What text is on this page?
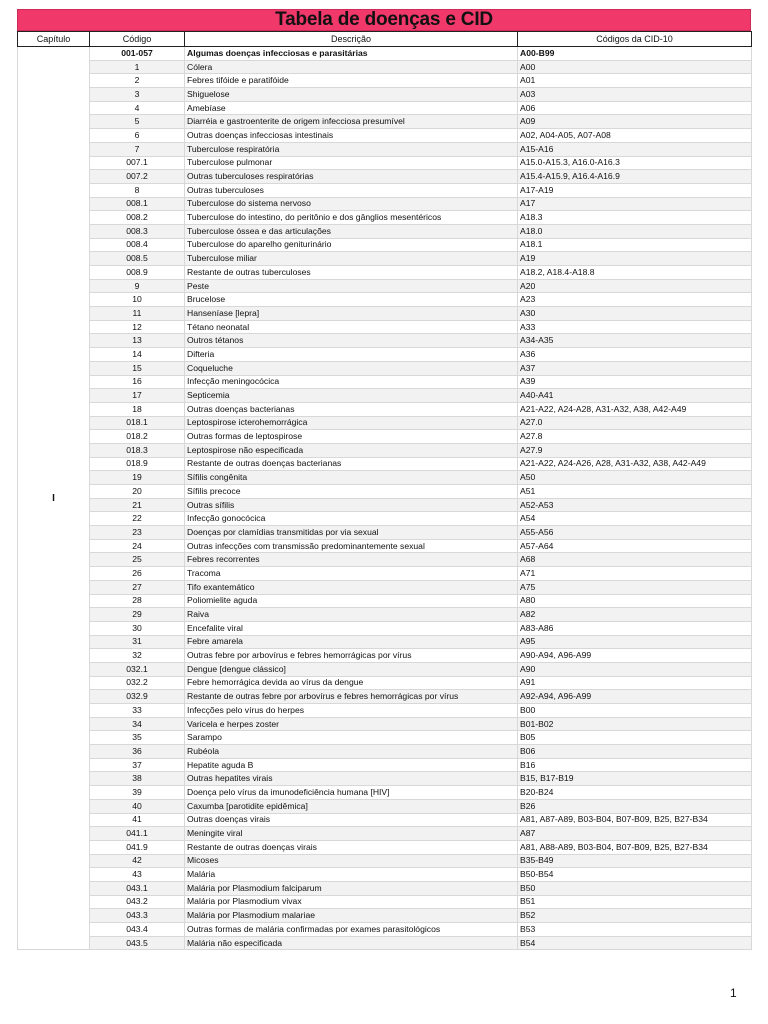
Tabela de doenças e CID
Capítulo	Código	Descrição	Códigos da CID-10
I	001-057	Algumas doenças infecciosas e parasitárias	A00-B99
	1	Cólera	A00
	2	Febres tifóide e paratifóide	A01
	3	Shiguelose	A03
	4	Amebíase	A06
	5	Diarréia e gastroenterite de origem infecciosa presumível	A09
	6	Outras doenças infecciosas intestinais	A02, A04-A05, A07-A08
	7	Tuberculose respiratória	A15-A16
	007.1	Tuberculose pulmonar	A15.0-A15.3, A16.0-A16.3
	007.2	Outras tuberculoses respiratórias	A15.4-A15.9, A16.4-A16.9
	8	Outras tuberculoses	A17-A19
	008.1	Tuberculose do sistema nervoso	A17
	008.2	Tuberculose do intestino, do peritônio e dos gânglios mesentéricos	A18.3
	008.3	Tuberculose óssea e das articulações	A18.0
	008.4	Tuberculose do aparelho geniturinário	A18.1
	008.5	Tuberculose miliar	A19
	008.9	Restante de outras tuberculoses	A18.2, A18.4-A18.8
	9	Peste	A20
	10	Brucelose	A23
	11	Hanseníase [lepra]	A30
	12	Tétano neonatal	A33
	13	Outros tétanos	A34-A35
	14	Difteria	A36
	15	Coqueluche	A37
	16	Infecção meningocócica	A39
	17	Septicemia	A40-A41
	18	Outras doenças bacterianas	A21-A22, A24-A28, A31-A32, A38, A42-A49
	018.1	Leptospirose icterohemorrágica	A27.0
	018.2	Outras formas de leptospirose	A27.8
	018.3	Leptospirose não especificada	A27.9
	018.9	Restante de outras doenças bacterianas	A21-A22, A24-A26, A28, A31-A32, A38, A42-A49
	19	Sífilis congênita	A50
	20	Sífilis precoce	A51
	21	Outras sífilis	A52-A53
	22	Infecção gonocócica	A54
	23	Doenças por clamídias transmitidas por via sexual	A55-A56
	24	Outras infecções com transmissão predominantemente sexual	A57-A64
	25	Febres recorrentes	A68
	26	Tracoma	A71
	27	Tifo exantemático	A75
	28	Poliomielite aguda	A80
	29	Raiva	A82
	30	Encefalite viral	A83-A86
	31	Febre amarela	A95
	32	Outras febre por arbovírus e febres hemorrágicas por vírus	A90-A94, A96-A99
	032.1	Dengue [dengue clássico]	A90
	032.2	Febre hemorrágica devida ao vírus da dengue	A91
	032.9	Restante de outras febre por arbovírus e febres hemorrágicas por vírus	A92-A94, A96-A99
	33	Infecções pelo vírus do herpes	B00
	34	Varicela e herpes zoster	B01-B02
	35	Sarampo	B05
	36	Rubéola	B06
	37	Hepatite aguda B	B16
	38	Outras hepatites virais	B15, B17-B19
	39	Doença pelo vírus da imunodeficiência humana [HIV]	B20-B24
	40	Caxumba [parotidite epidêmica]	B26
	41	Outras doenças virais	A81, A87-A89, B03-B04, B07-B09, B25, B27-B34
	041.1	Meningite viral	A87
	041.9	Restante de outras doenças virais	A81, A88-A89, B03-B04, B07-B09, B25, B27-B34
	42	Micoses	B35-B49
	43	Malária	B50-B54
	043.1	Malária por Plasmodium falciparum	B50
	043.2	Malária por Plasmodium vivax	B51
	043.3	Malária por Plasmodium malariae	B52
	043.4	Outras formas de malária confirmadas por exames parasitológicos	B53
	043.5	Malária não especificada	B54
1
